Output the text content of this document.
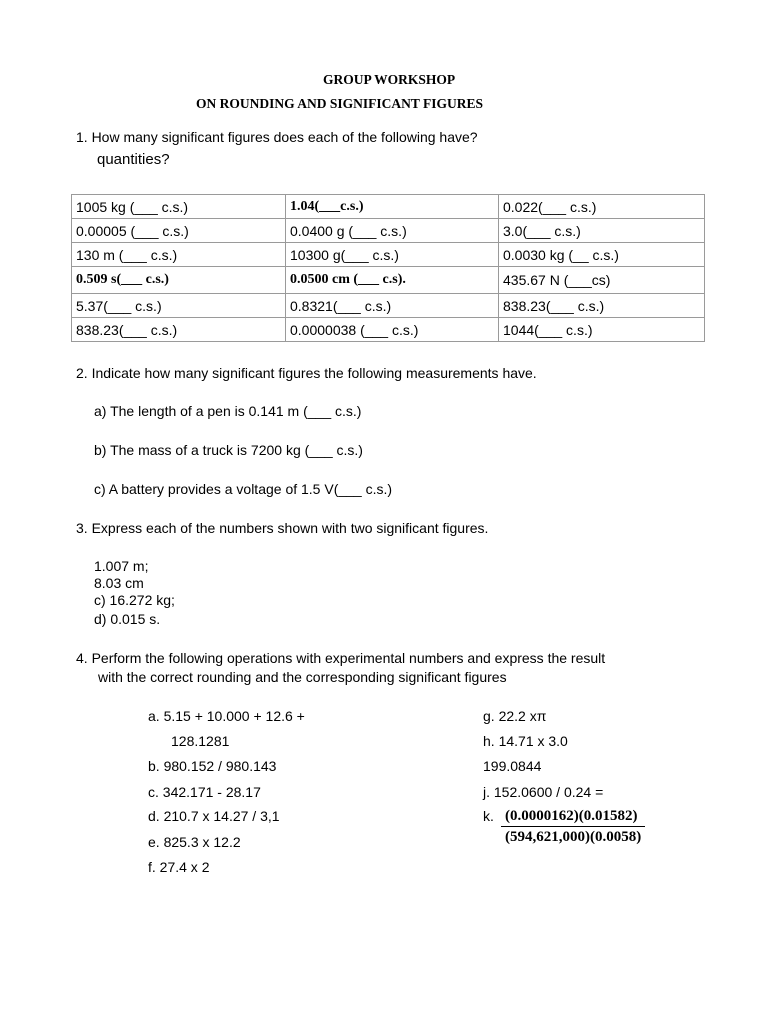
GROUP WORKSHOP
ON ROUNDING AND SIGNIFICANT FIGURES
1. How many significant figures does each of the following have?
quantities?
1005 kg (___ c.s.)	1.04(___c.s.)	0.022(___ c.s.)
0.00005 (___ c.s.)	0.0400 g (___ c.s.)	3.0(___ c.s.)
130 m (___ c.s.)	10300 g(___ c.s.)	0.0030 kg (__ c.s.)
0.509 s(___ c.s.)	0.0500 cm (___ c.s).	435.67 N (___cs)
5.37(___ c.s.)	0.8321(___ c.s.)	838.23(___ c.s.)
838.23(___ c.s.)	0.0000038 (___ c.s.)	1044(___ c.s.)
2. Indicate how many significant figures the following measurements have.
a) The length of a pen is 0.141 m (___ c.s.)
b) The mass of a truck is 7200 kg (___ c.s.)
c) A battery provides a voltage of 1.5 V(___ c.s.)
3. Express each of the numbers shown with two significant figures.
1.007 m;
8.03 cm
c) 16.272 kg;
d) 0.015 s.
4. Perform the following operations with experimental numbers and express the result
with the correct rounding and the corresponding significant figures
a. 5.15 + 10.000 + 12.6 +
128.1281
b. 980.152 / 980.143
c. 342.171 - 28.17
d. 210.7 x 14.27 / 3,1
e. 825.3 x 12.2
f. 27.4 x 2
g. 22.2 xπ
h. 14.71 x 3.0
199.0844
j. 152.0600 / 0.24 =
k. $\frac{(0.0000162)(0.01582)}{(594,621,000)(0.0058)}$
